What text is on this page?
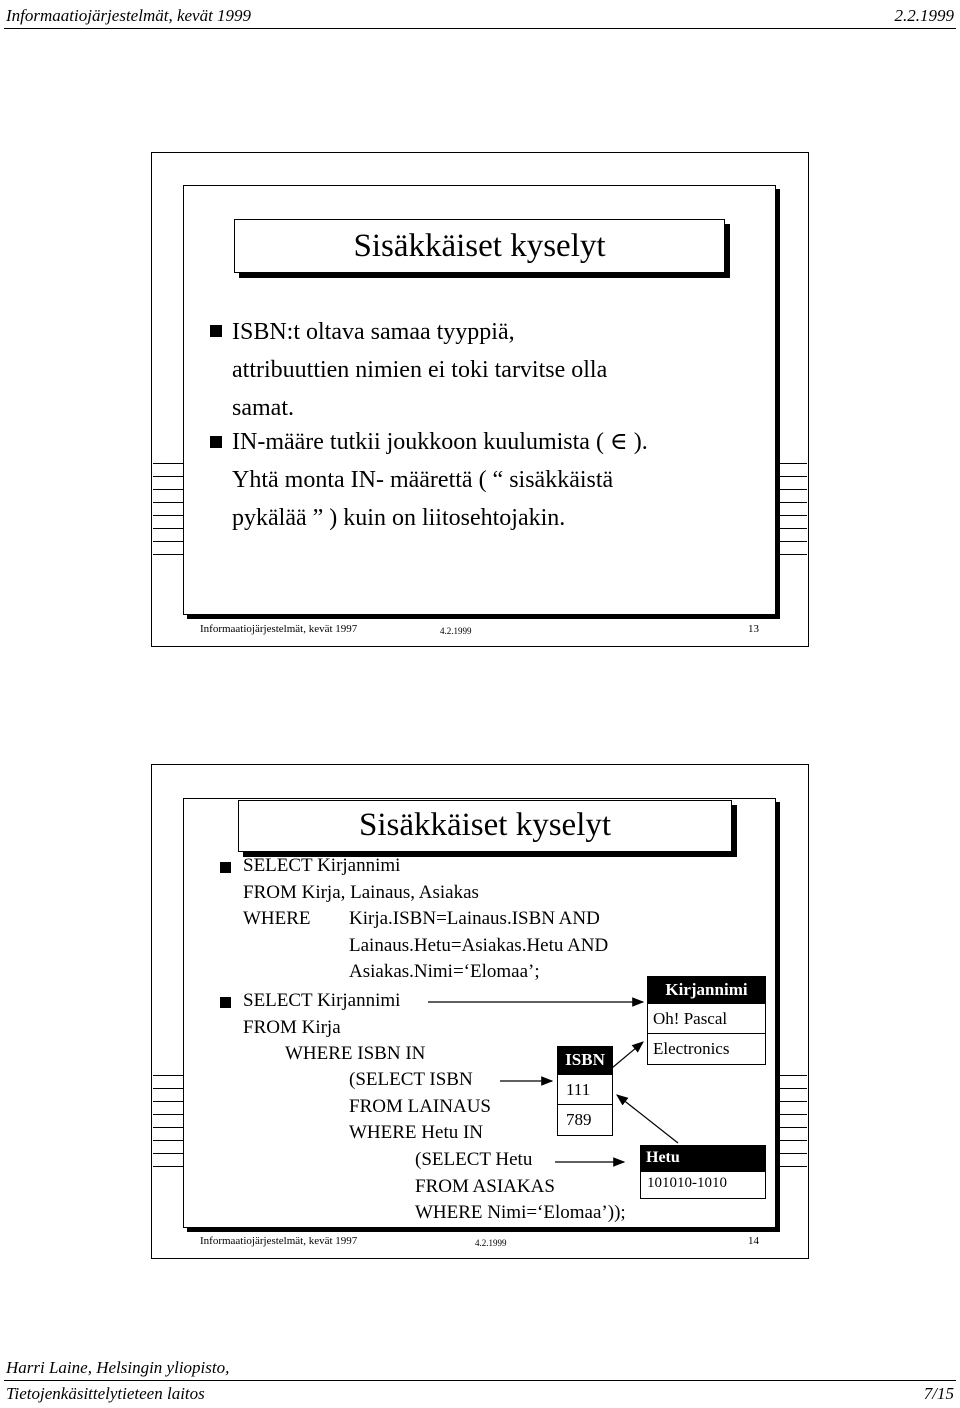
Informaatiojärjestelmät, kevät 1999	2.2.1999
Sisäkkäiset kyselyt
ISBN:t oltava samaa tyyppiä,
attribuuttien nimien ei toki tarvitse olla
samat.
IN-määre tutkii joukkoon kuulumista ( ∈ ).
Yhtä monta IN- määrettä ( “ sisäkkäistä
pykälää ” ) kuin on liitosehtojakin.
Informaatiojärjestelmät, kevät 1997	4.2.1999	13
Sisäkkäiset kyselyt
SELECT Kirjannimi
FROM Kirja, Lainaus, Asiakas
WHERE	Kirja.ISBN=Lainaus.ISBN AND
Lainaus.Hetu=Asiakas.Hetu AND
Asiakas.Nimi=‘Elomaa’;
SELECT Kirjannimi
FROM Kirja
WHERE ISBN IN
(SELECT ISBN
FROM LAINAUS
WHERE Hetu IN
(SELECT Hetu
FROM ASIAKAS
WHERE Nimi=‘Elomaa’));
Kirjannimi
Oh! Pascal
Electronics
ISBN
111
789
Hetu
101010-1010
Informaatiojärjestelmät, kevät 1997	4.2.1999	14
Harri Laine, Helsingin yliopisto,
Tietojenkäsittelytieteen laitos	7/15
